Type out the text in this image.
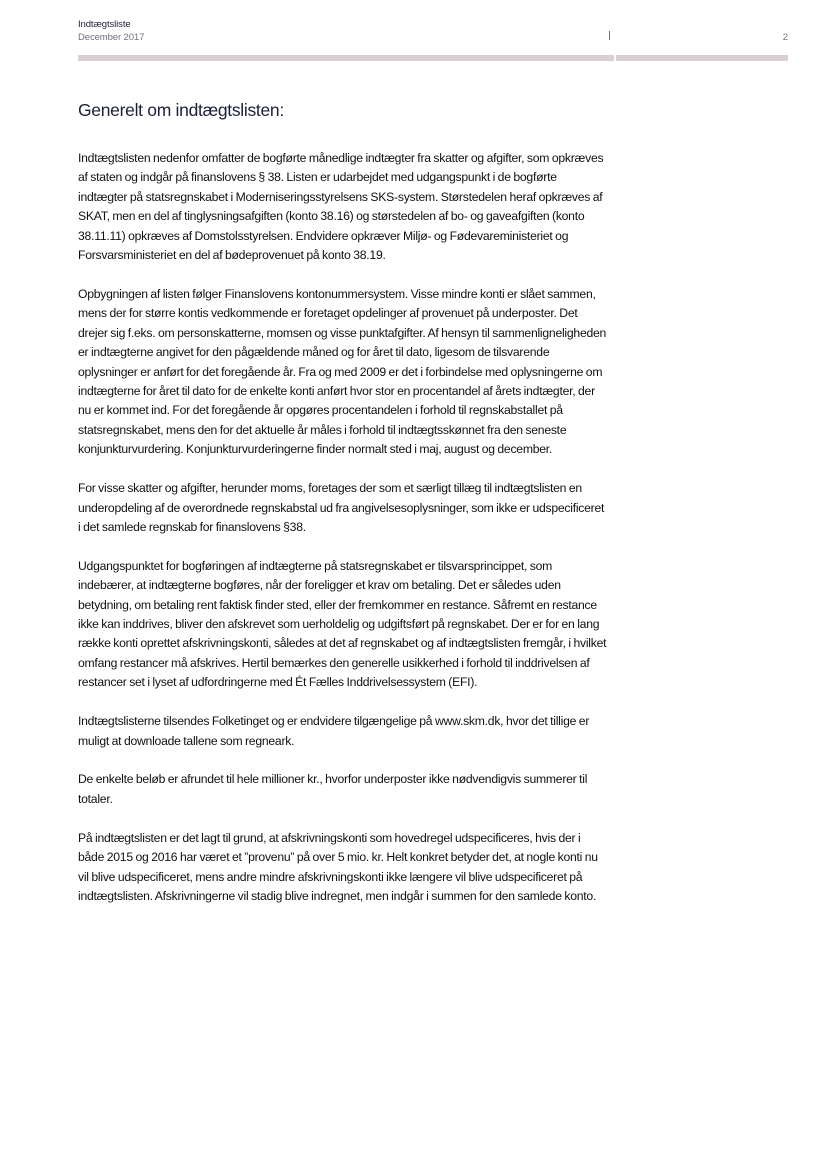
Indtægtsliste
December 2017	2
Generelt om indtægtslisten:

Indtægtslisten nedenfor omfatter de bogførte månedlige indtægter fra skatter og afgifter, som opkræves af staten og indgår på finanslovens § 38. Listen er udarbejdet med udgangspunkt i de bogførte indtægter på statsregnskabet i Moderniseringsstyrelsens SKS-system. Størstedelen heraf opkræves af SKAT, men en del af tinglysningsafgiften (konto 38.16) og størstedelen af bo- og gaveafgiften (konto 38.11.11) opkræves af Domstolsstyrelsen. Endvidere opkræver Miljø- og Fødevareministeriet og Forsvarsministeriet en del af bødeprovenuet på konto 38.19.

Opbygningen af listen følger Finanslovens kontonummersystem. Visse mindre konti er slået sammen, mens der for større kontis vedkommende er foretaget opdelinger af provenuet på underposter. Det drejer sig f.eks. om personskatterne, momsen og visse punktafgifter. Af hensyn til sammenligneligheden er indtægterne angivet for den pågældende måned og for året til dato, ligesom de tilsvarende oplysninger er anført for det foregående år. Fra og med 2009 er det i forbindelse med oplysningerne om indtægterne for året til dato for de enkelte konti anført hvor stor en procentandel af årets indtægter, der nu er kommet ind. For det foregående år opgøres procentandelen i forhold til regnskabstallet på statsregnskabet, mens den for det aktuelle år måles i forhold til indtægtsskønnet fra den seneste konjunkturvurdering. Konjunkturvurderingerne finder normalt sted i maj, august og december.

For visse skatter og afgifter, herunder moms, foretages der som et særligt tillæg til indtægtslisten en underopdeling af de overordnede regnskabstal ud fra angivelsesoplysninger, som ikke er udspecificeret i det samlede regnskab for finanslovens §38.

Udgangspunktet for bogføringen af indtægterne på statsregnskabet er tilsvarsprincippet, som indebærer, at indtægterne bogføres, når der foreligger et krav om betaling. Det er således uden betydning, om betaling rent faktisk finder sted, eller der fremkommer en restance. Såfremt en restance ikke kan inddrives, bliver den afskrevet som uerholdelig og udgiftsført på regnskabet. Der er for en lang række konti oprettet afskrivningskonti, således at det af regnskabet og af indtægtslisten fremgår, i hvilket omfang restancer må afskrives. Hertil bemærkes den generelle usikkerhed i forhold til inddrivelsen af restancer set i lyset af udfordringerne med Ét Fælles Inddrivelsessystem (EFI).

Indtægtslisterne tilsendes Folketinget og er endvidere tilgængelige på www.skm.dk, hvor det tillige er muligt at downloade tallene som regneark.

De enkelte beløb er afrundet til hele millioner kr., hvorfor underposter ikke nødvendigvis summerer til totaler.

På indtægtslisten er det lagt til grund, at afskrivningskonti som hovedregel udspecificeres, hvis der i både 2015 og 2016 har været et ”provenu” på over 5 mio. kr. Helt konkret betyder det, at nogle konti nu vil blive udspecificeret, mens andre mindre afskrivningskonti ikke længere vil blive udspecificeret på indtægtslisten. Afskrivningerne vil stadig blive indregnet, men indgår i summen for den samlede konto.
